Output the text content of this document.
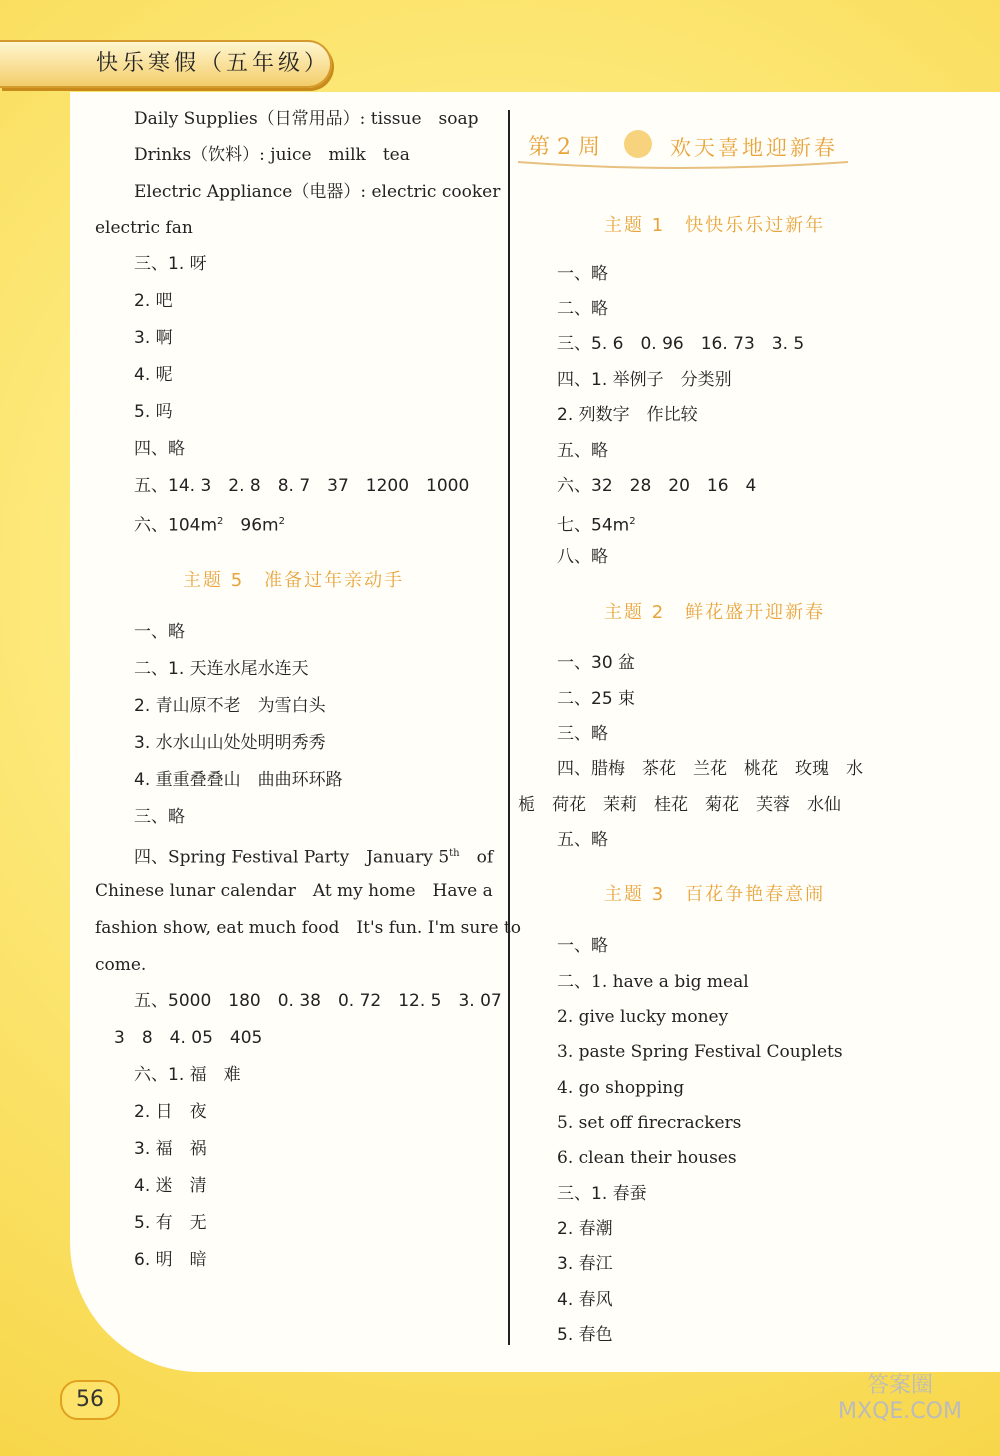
快乐寒假（五年级）
Daily Supplies（日常用品）: tissue　soap
Drinks（饮料）: juice　milk　tea
Electric Appliance（电器）: electric cooker
electric fan
三、1. 呀
2. 吧
3. 啊
4. 呢
5. 吗
四、略
五、14. 3　2. 8　8. 7　37　1200　1000
六、$104m^2$　 $96m^2$
主题 5　准备过年亲动手
一、略
二、1. 天连水尾水连天
2. 青山原不老　为雪白头
3. 水水山山处处明明秀秀
4. 重重叠叠山　曲曲环环路
三、略
四、Spring Festival Party　January 5th　 of
Chinese lunar calendar　At my home　Have a
fashion show, eat much food　It's fun. I'm sure to
come.
五、5000　180　0. 38　0. 72　12. 5　3. 07
3　8　4. 05　405
六、1. 福　难
2. 日　夜
3. 福　祸
4. 迷　清
5. 有　无
6. 明　暗
第 2 周	欢天喜地迎新春
主题 1　快快乐乐过新年
一、略
二、略
三、5. 6　0. 96　16. 73　3. 5
四、1. 举例子　分类别
2. 列数字　作比较
五、略
六、32　28　20　16　4
七、$54m^2$
八、略
主题 2　鲜花盛开迎新春
一、30 盆
二、25 束
三、略
四、腊梅　茶花　兰花　桃花　玫瑰　水
栀　荷花　茉莉　桂花　菊花　芙蓉　水仙
五、略
主题 3　百花争艳春意闹
一、略
二、1. have a big meal
2. give lucky money
3. paste Spring Festival Couplets
4. go shopping
5. set off firecrackers
6. clean their houses
三、1. 春蚕
2. 春潮
3. 春江
4. 春风
5. 春色
56
答案圈
MXQE.COM
